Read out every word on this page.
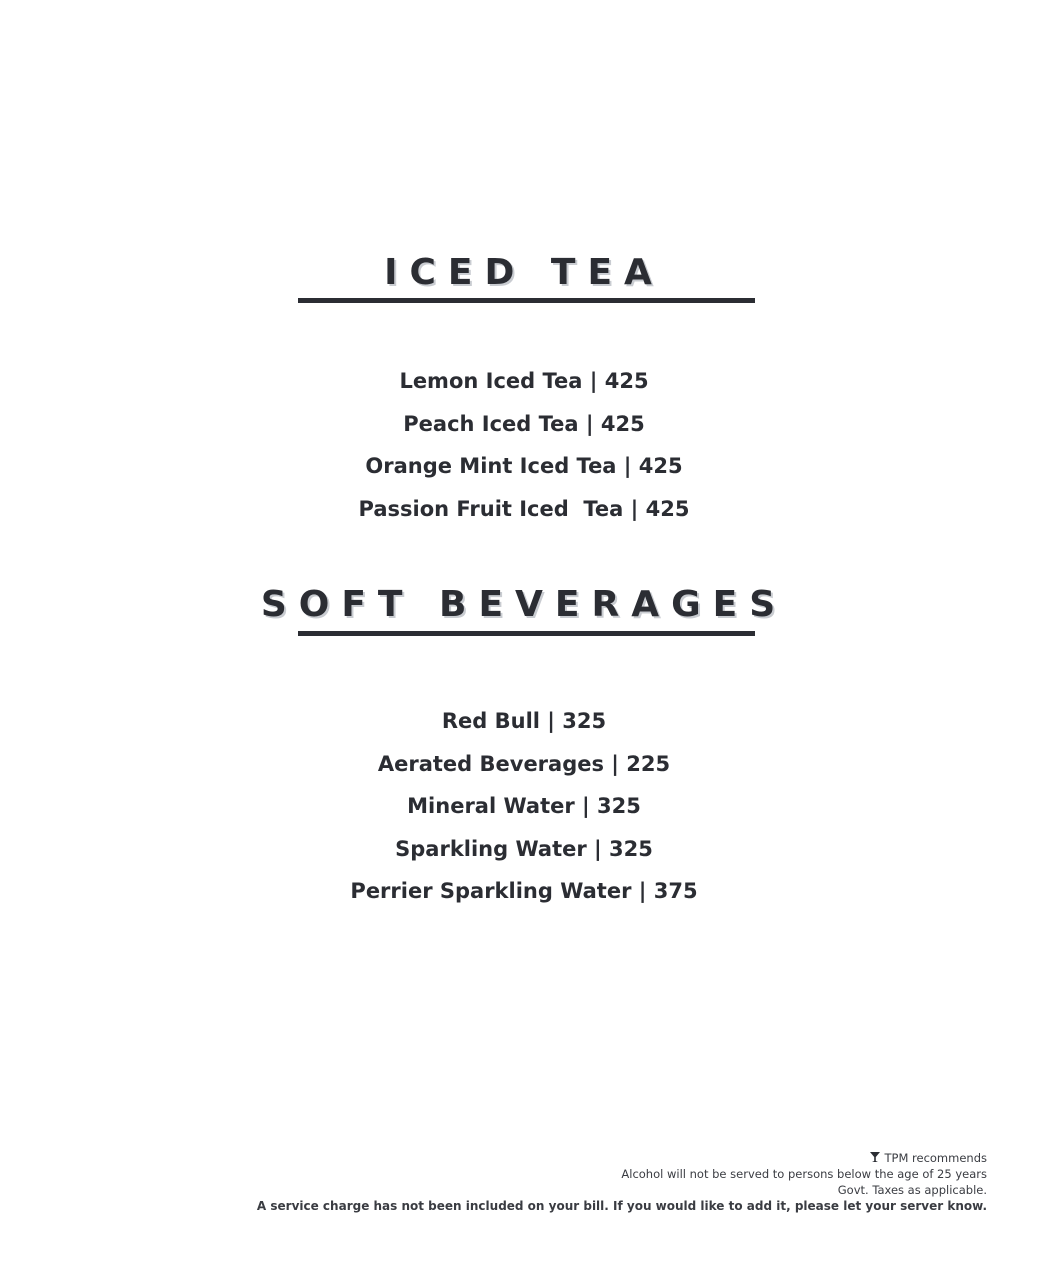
ICED TEA
Lemon Iced Tea | 425
Peach Iced Tea | 425
Orange Mint Iced Tea | 425
Passion Fruit Iced  Tea | 425
SOFT BEVERAGES
Red Bull | 325
Aerated Beverages | 225
Mineral Water | 325
Sparkling Water | 325
Perrier Sparkling Water | 375
TPM recommends
Alcohol will not be served to persons below the age of 25 years
Govt. Taxes as applicable.
A service charge has not been included on your bill. If you would like to add it, please let your server know.
